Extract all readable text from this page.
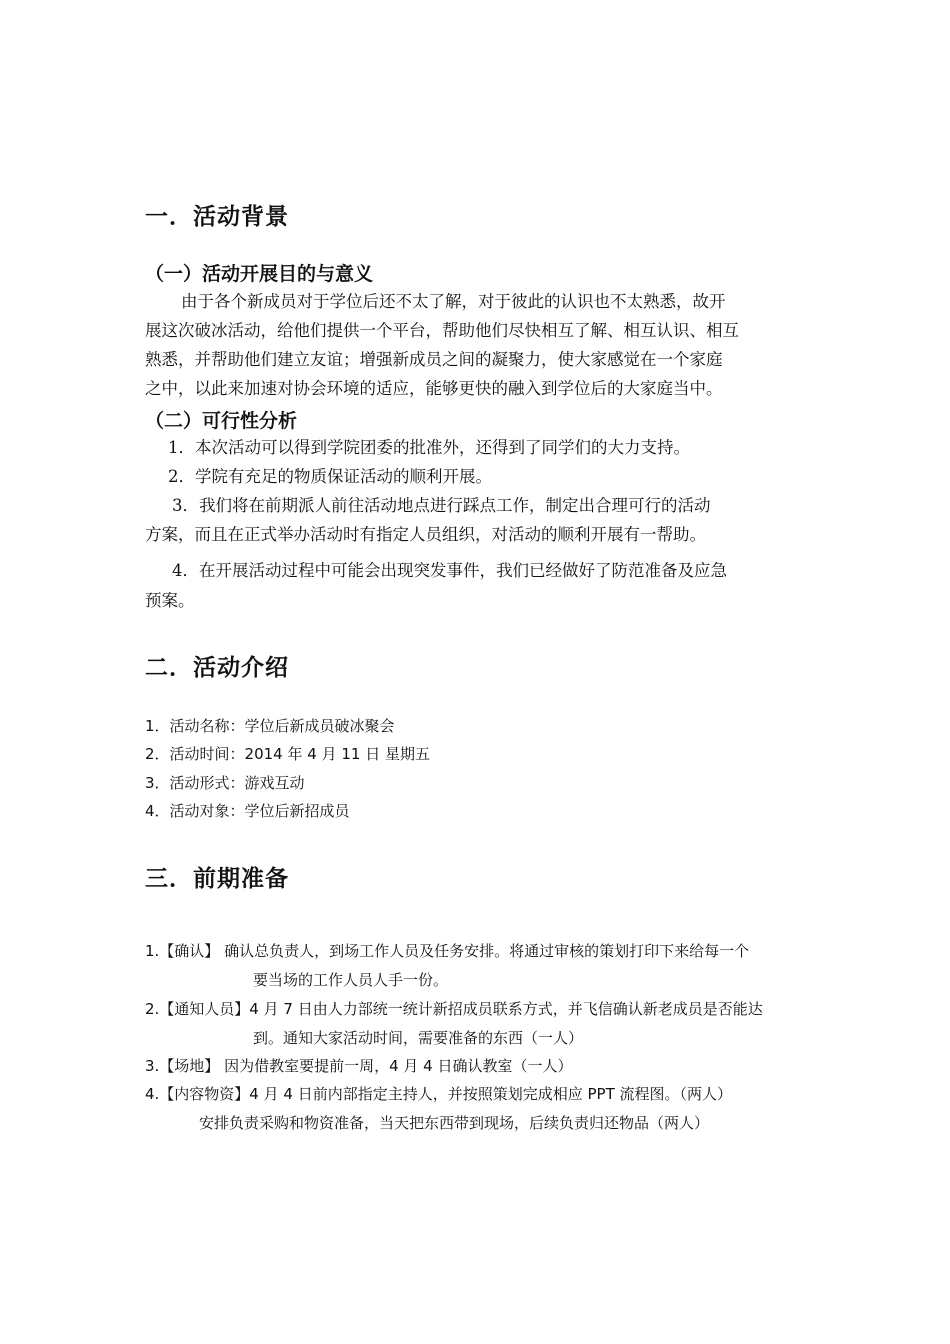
一．活动背景
（一）活动开展目的与意义
由于各个新成员对于学位后还不太了解，对于彼此的认识也不太熟悉，故开
展这次破冰活动，给他们提供一个平台，帮助他们尽快相互了解、相互认识、相互
熟悉，并帮助他们建立友谊；增强新成员之间的凝聚力，使大家感觉在一个家庭
之中，以此来加速对协会环境的适应，能够更快的融入到学位后的大家庭当中。
（二）可行性分析
1．本次活动可以得到学院团委的批准外，还得到了同学们的大力支持。
2．学院有充足的物质保证活动的顺利开展。
3．我们将在前期派人前往活动地点进行踩点工作，制定出合理可行的活动
方案，而且在正式举办活动时有指定人员组织，对活动的顺利开展有一帮助。
4．在开展活动过程中可能会出现突发事件，我们已经做好了防范准备及应急
预案。
二．活动介绍
1．活动名称：学位后新成员破冰聚会
2．活动时间：2014 年 4 月 11 日 星期五
3．活动形式：游戏互动
4．活动对象：学位后新招成员
三．前期准备
1.【确认】 确认总负责人，到场工作人员及任务安排。将通过审核的策划打印下来给每一个
要当场的工作人员人手一份。
2.【通知人员】4 月 7 日由人力部统一统计新招成员联系方式，并飞信确认新老成员是否能达
到。通知大家活动时间，需要准备的东西（一人）
3.【场地】 因为借教室要提前一周，4 月 4 日确认教室（一人）
4.【内容物资】4 月 4 日前内部指定主持人，并按照策划完成相应 PPT 流程图。（两人）
安排负责采购和物资准备，当天把东西带到现场，后续负责归还物品（两人）
